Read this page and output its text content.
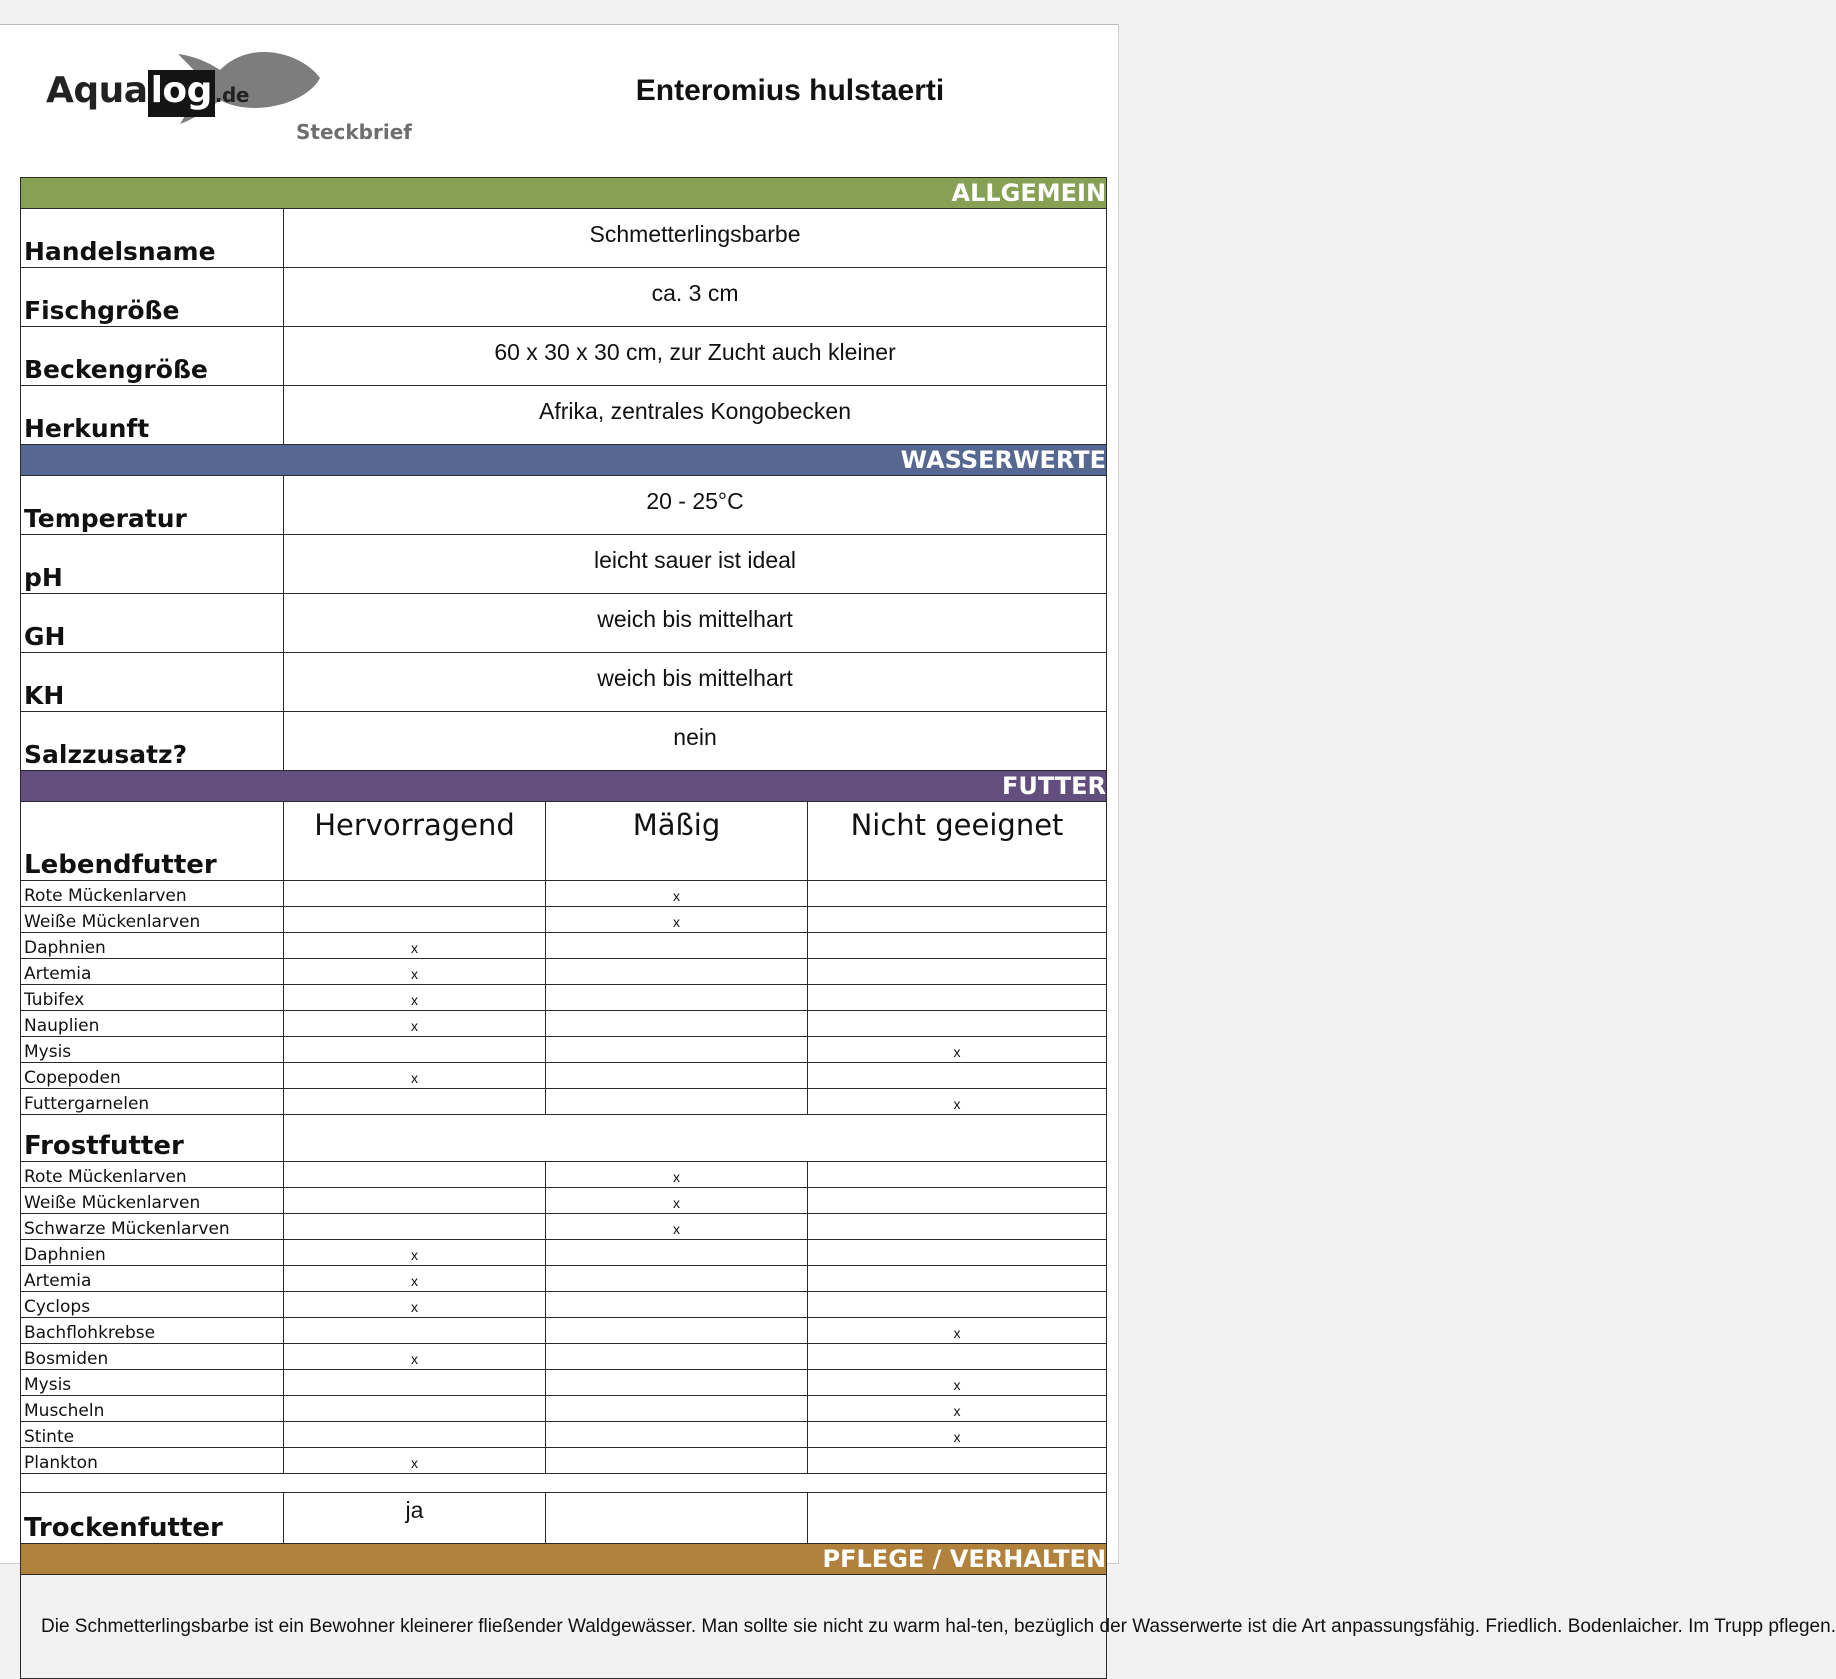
Aqualog .de
Steckbrief
Enteromius hulstaerti
ALLGEMEIN			
Handelsname	Schmetterlingsbarbe		
Fischgröße	ca. 3 cm		
Beckengröße	60 x 30 x 30 cm, zur Zucht auch kleiner		
Herkunft	Afrika, zentrales Kongobecken		
WASSERWERTE			
Temperatur	20 - 25°C		
pH	leicht sauer ist ideal		
GH	weich bis mittelhart		
KH	weich bis mittelhart		
Salzzusatz?	nein		
FUTTER			
Lebendfutter	Hervorragend	Mäßig	Nicht geeignet
Rote Mückenlarven		x	
Weiße Mückenlarven		x	
Daphnien	x		
Artemia	x		
Tubifex	x		
Nauplien	x		
Mysis			x
Copepoden	x		
Futtergarnelen			x
Frostfutter			
Rote Mückenlarven		x	
Weiße Mückenlarven		x	
Schwarze Mückenlarven		x	
Daphnien	x		
Artemia	x		
Cyclops	x		
Bachflohkrebse			x
Bosmiden	x		
Mysis			x
Muscheln			x
Stinte			x
Plankton	x		

Trockenfutter	ja		
PFLEGE / VERHALTEN			
Die Schmetterlingsbarbe ist ein Bewohner kleinerer fließender Waldgewässer. Man sollte sie nicht zu warm hal-ten, bezüglich der Wasserwerte ist die Art anpassungsfähig. Friedlich. Bodenlaicher. Im Trupp pflegen.			
